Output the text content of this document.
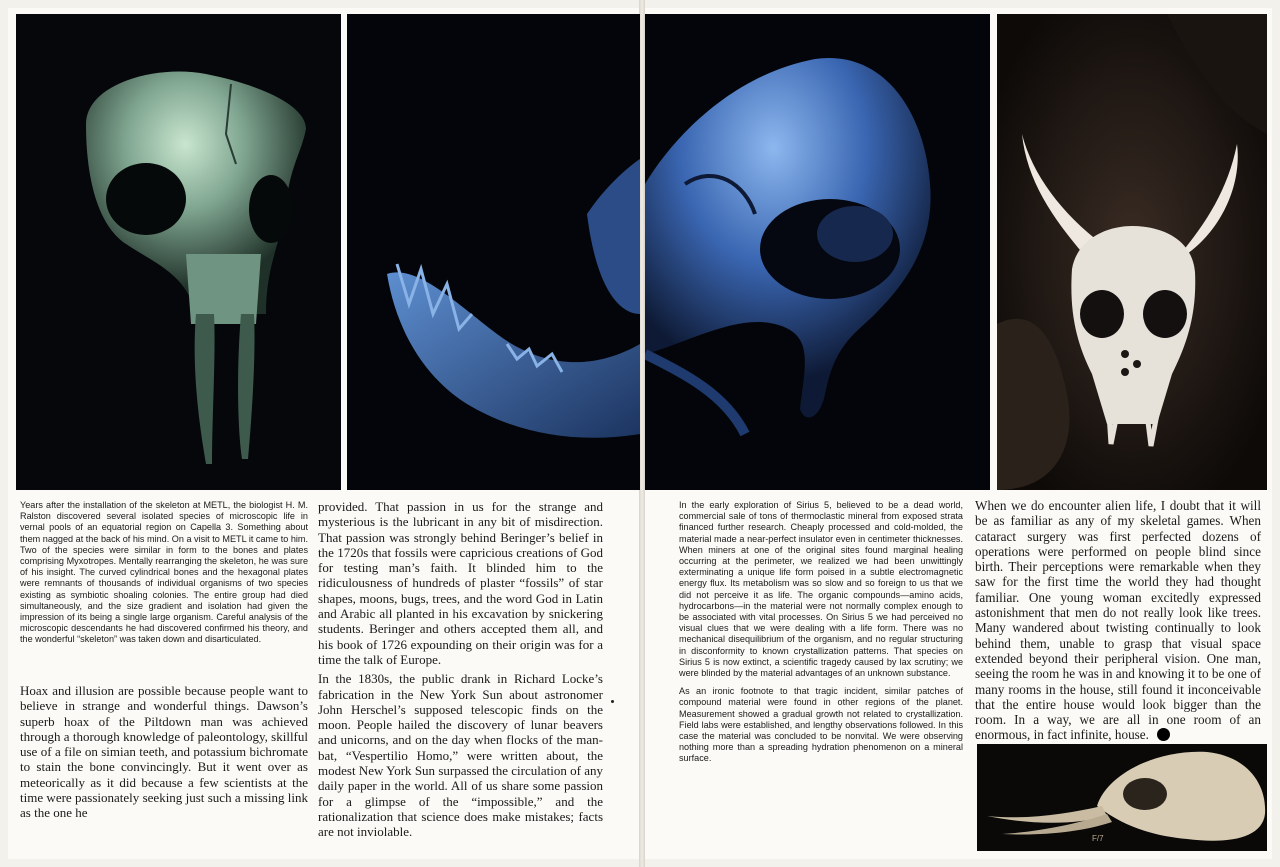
F/7

Years after the installation of the skeleton at METL, the biologist H. M. Ralston discovered several isolated species of microscopic life in vernal pools of an equatorial region on Capella 3. Something about them nagged at the back of his mind. On a visit to METL it came to him. Two of the species were similar in form to the bones and plates comprising Myxotropes. Mentally rearranging the skeleton, he was sure of his insight. The curved cylindrical bones and the hexagonal plates were remnants of thousands of individual organisms of two species existing as symbiotic shoaling colonies. The entire group had died simultaneously, and the size gradient and isolation had given the impression of its being a single large organism. Careful analysis of the microscopic descendants he had discovered confirmed his theory, and the wonderful “skeleton” was taken down and disarticulated.

Hoax and illusion are possible because people want to believe in strange and wonderful things. Dawson’s superb hoax of the Piltdown man was achieved through a thorough knowledge of paleontology, skillful use of a file on simian teeth, and potassium bichromate to stain the bone convincingly. But it went over as meteorically as it did because a few scientists at the time were passionately seeking just such a missing link as the one he

provided. That passion in us for the strange and mysterious is the lubricant in any bit of misdirection. That passion was strongly behind Beringer’s belief in the 1720s that fossils were capricious creations of God for testing man’s faith. It blinded him to the ridiculousness of hundreds of plaster “fossils” of star shapes, moons, bugs, trees, and the word God in Latin and Arabic all planted in his excavation by snickering students. Beringer and others accepted them all, and his book of 1726 expounding on their origin was for a time the talk of Europe.

In the 1830s, the public drank in Richard Locke’s fabrication in the New York Sun about astronomer John Herschel’s supposed telescopic finds on the moon. People hailed the discovery of lunar beavers and unicorns, and on the day when flocks of the man-bat, “Vespertilio Homo,” were written about, the modest New York Sun surpassed the circulation of any daily paper in the world. All of us share some passion for a glimpse of the “impossible,” and the rationalization that science does make mistakes; facts are not inviolable.

In the early exploration of Sirius 5, believed to be a dead world, commercial sale of tons of thermoclastic mineral from exposed strata financed further research. Cheaply processed and cold-molded, the material made a near-perfect insulator even in centimeter thicknesses. When miners at one of the original sites found marginal healing occurring at the perimeter, we realized we had been unwittingly exterminating a unique life form poised in a subtle electromagnetic energy flux. Its metabolism was so slow and so foreign to us that we did not perceive it as life. The organic compounds—amino acids, hydrocarbons—in the material were not normally complex enough to be associated with vital processes. On Sirius 5 we had perceived no visual clues that we were dealing with a life form. There was no mechanical disequilibrium of the organism, and no regular structuring in disconformity to known crystallization patterns. That species on Sirius 5 is now extinct, a scientific tragedy caused by lax scrutiny; we were blinded by the material advantages of an unknown substance.

As an ironic footnote to that tragic incident, similar patches of compound material were found in other regions of the planet. Measurement showed a gradual growth not related to crystallization. Field labs were established, and lengthy observations followed. In this case the material was concluded to be nonvital. We were observing nothing more than a spreading hydration phenomenon on a mineral surface.

When we do encounter alien life, I doubt that it will be as familiar as any of my skeletal games. When cataract surgery was first perfected dozens of operations were performed on people blind since birth. Their perceptions were remarkable when they saw for the first time the world they had thought familiar. One young woman excitedly expressed astonishment that men do not really look like trees. Many wandered about twisting continually to look behind them, unable to grasp that visual space extended beyond their peripheral vision. One man, seeing the room he was in and knowing it to be one of many rooms in the house, still found it inconceivable that the entire house would look bigger than the room. In a way, we are all in one room of an enormous, in fact infinite, house.
